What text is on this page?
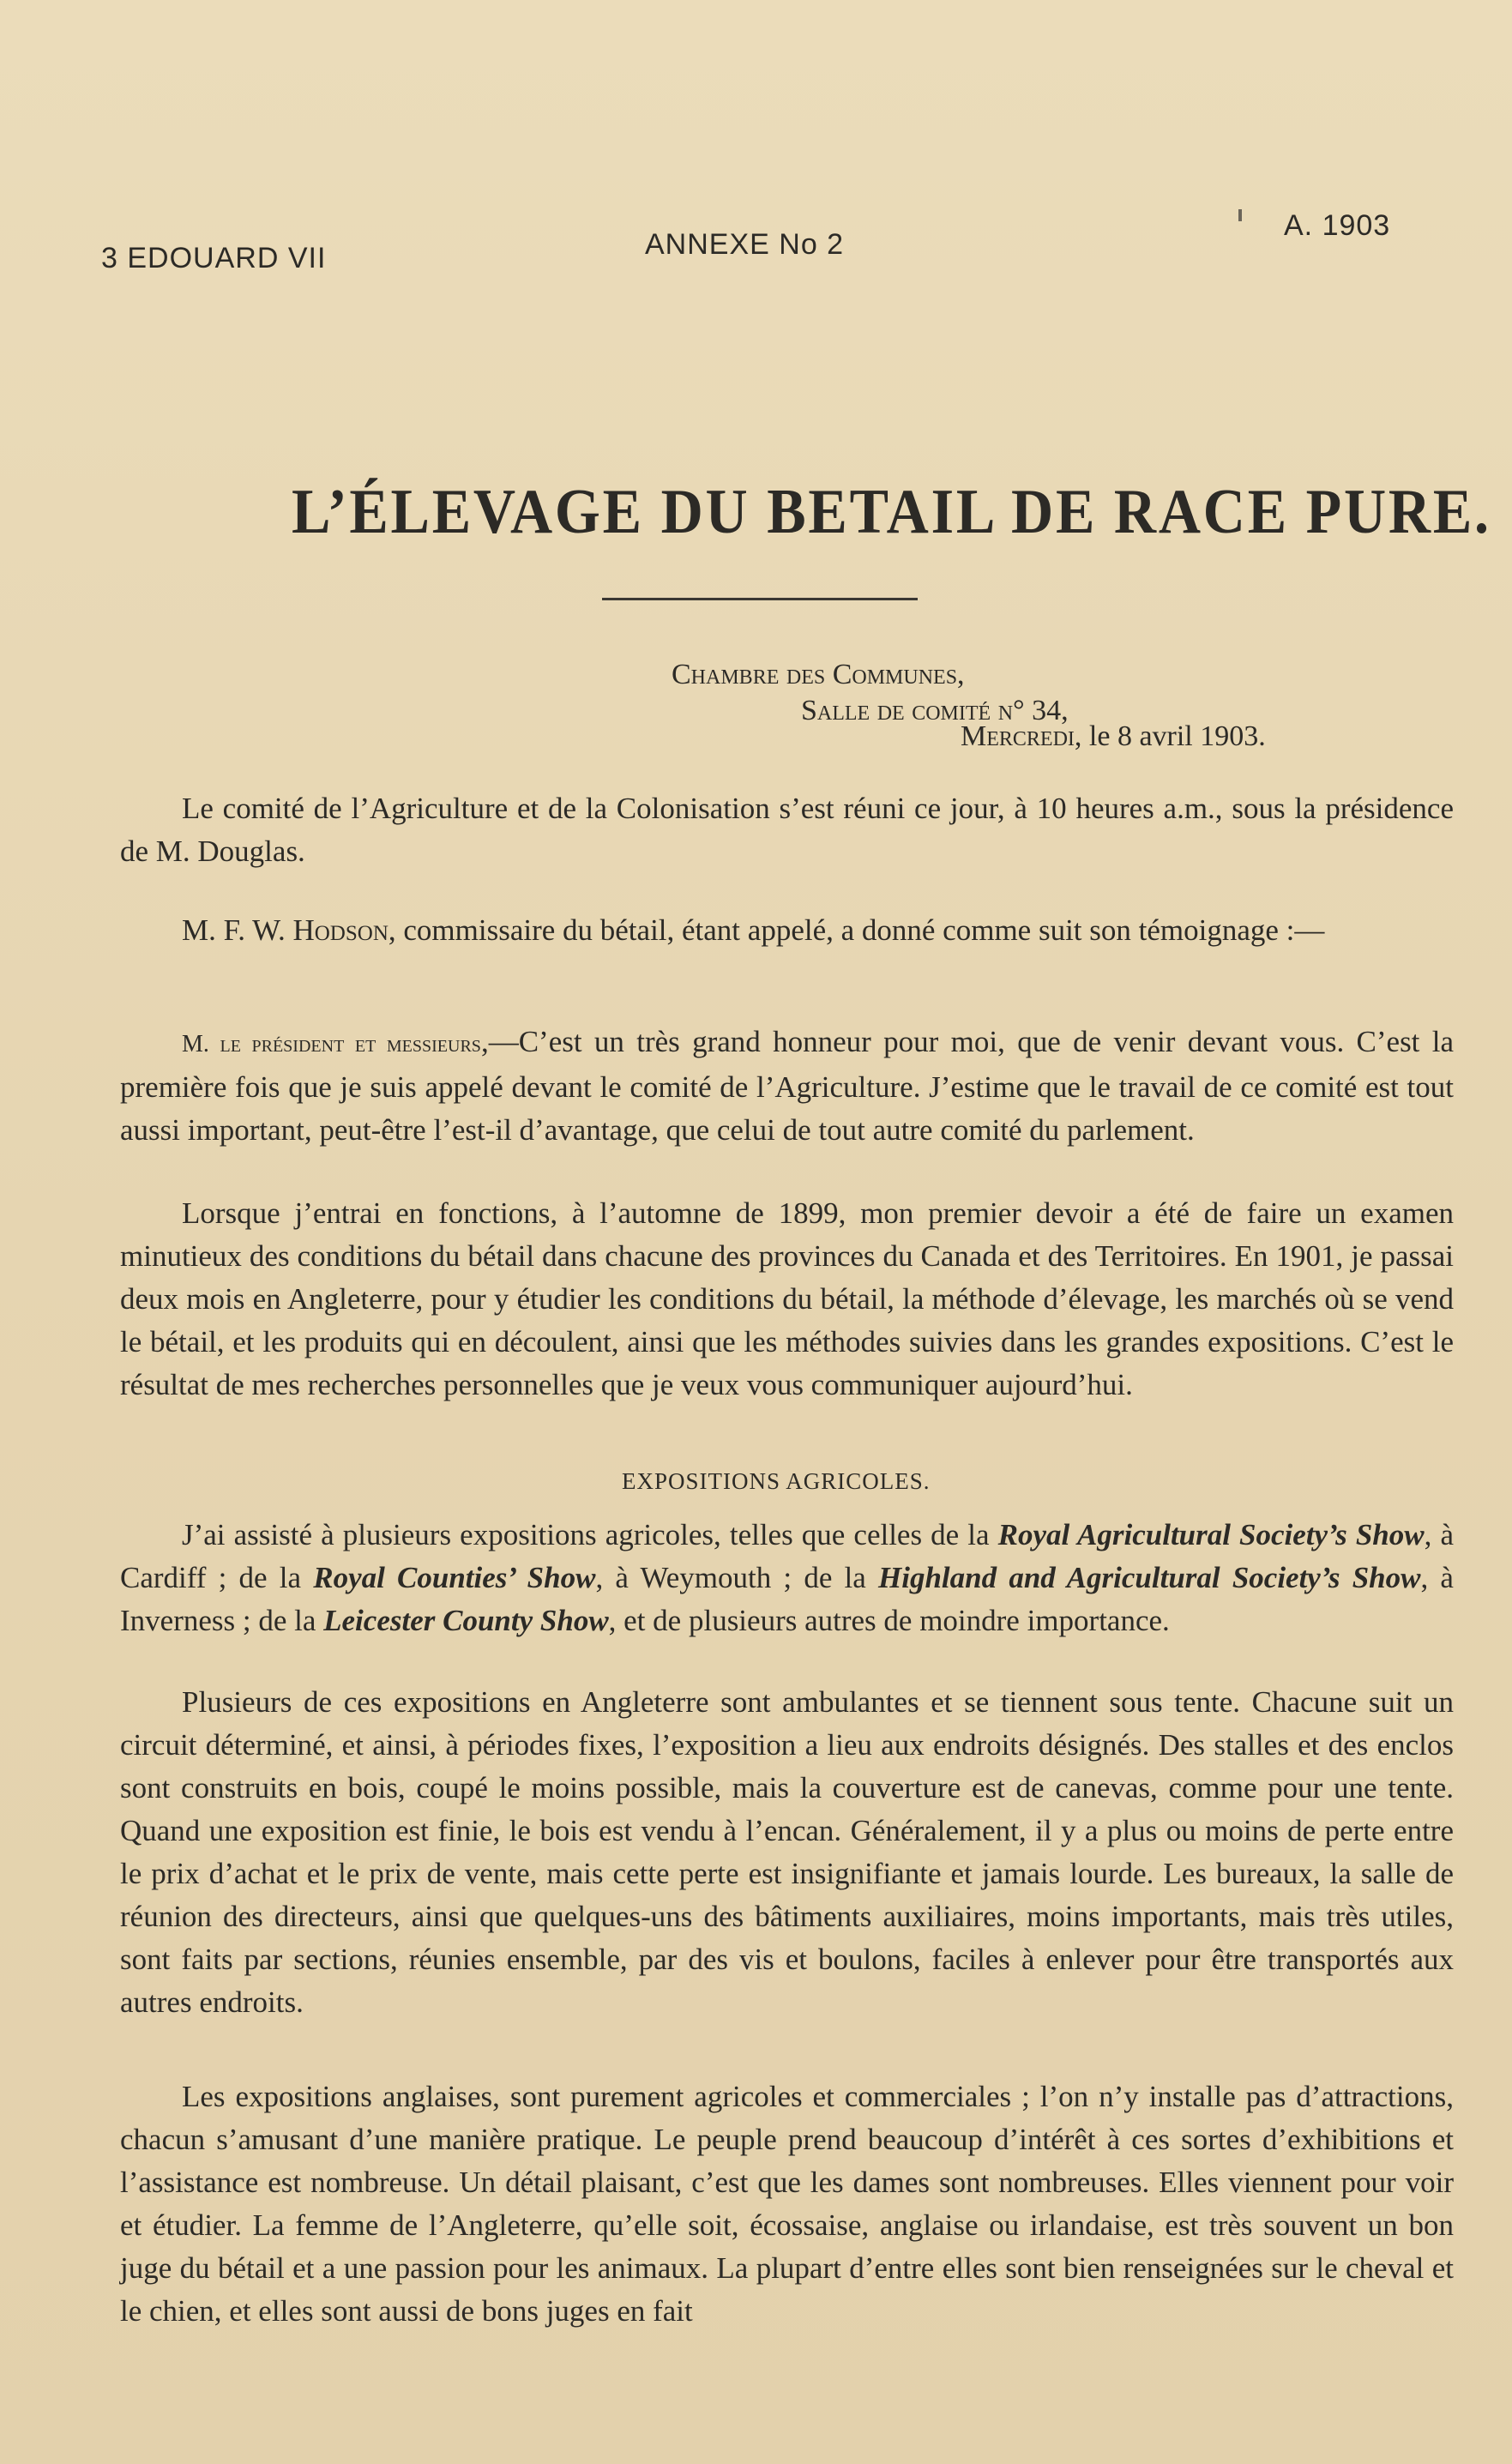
3 EDOUARD VII	ANNEXE No 2
A. 1903
L’ÉLEVAGE DU BETAIL DE RACE PURE.
Chambre des Communes,
Salle de comité n° 34,
Mercredi, le 8 avril 1903.
Le comité de l’Agriculture et de la Colonisation s’est réuni ce jour, à 10 heures a.m., sous la présidence de M. Douglas.
M. F. W. Hodson, commissaire du bétail, étant appelé, a donné comme suit son témoignage :—
M. le président et messieurs,—C’est un très grand honneur pour moi, que de venir devant vous. C’est la première fois que je suis appelé devant le comité de l’Agriculture. J’estime que le travail de ce comité est tout aussi important, peut-être l’est-il d’avantage, que celui de tout autre comité du parlement.
Lorsque j’entrai en fonctions, à l’automne de 1899, mon premier devoir a été de faire un examen minutieux des conditions du bétail dans chacune des provinces du Canada et des Territoires. En 1901, je passai deux mois en Angleterre, pour y étudier les conditions du bétail, la méthode d’élevage, les marchés où se vend le bétail, et les produits qui en découlent, ainsi que les méthodes suivies dans les grandes expositions. C’est le résultat de mes recherches personnelles que je veux vous communiquer aujourd’hui.
EXPOSITIONS AGRICOLES.
J’ai assisté à plusieurs expositions agricoles, telles que celles de la Royal Agricultural Society’s Show, à Cardiff ; de la Royal Counties’ Show, à Weymouth ; de la Highland and Agricultural Society’s Show, à Inverness ; de la Leicester County Show, et de plusieurs autres de moindre importance.
Plusieurs de ces expositions en Angleterre sont ambulantes et se tiennent sous tente. Chacune suit un circuit déterminé, et ainsi, à périodes fixes, l’exposition a lieu aux endroits désignés. Des stalles et des enclos sont construits en bois, coupé le moins possible, mais la couverture est de canevas, comme pour une tente. Quand une exposition est finie, le bois est vendu à l’encan. Généralement, il y a plus ou moins de perte entre le prix d’achat et le prix de vente, mais cette perte est insignifiante et jamais lourde. Les bureaux, la salle de réunion des directeurs, ainsi que quelques-uns des bâtiments auxiliaires, moins importants, mais très utiles, sont faits par sections, réunies ensemble, par des vis et boulons, faciles à enlever pour être transportés aux autres endroits.
Les expositions anglaises, sont purement agricoles et commerciales ; l’on n’y installe pas d’attractions, chacun s’amusant d’une manière pratique. Le peuple prend beaucoup d’intérêt à ces sortes d’exhibitions et l’assistance est nombreuse. Un détail plaisant, c’est que les dames sont nombreuses. Elles viennent pour voir et étudier. La femme de l’Angleterre, qu’elle soit, écossaise, anglaise ou irlandaise, est très souvent un bon juge du bétail et a une passion pour les animaux. La plupart d’entre elles sont bien renseignées sur le cheval et le chien, et elles sont aussi de bons juges en fait
